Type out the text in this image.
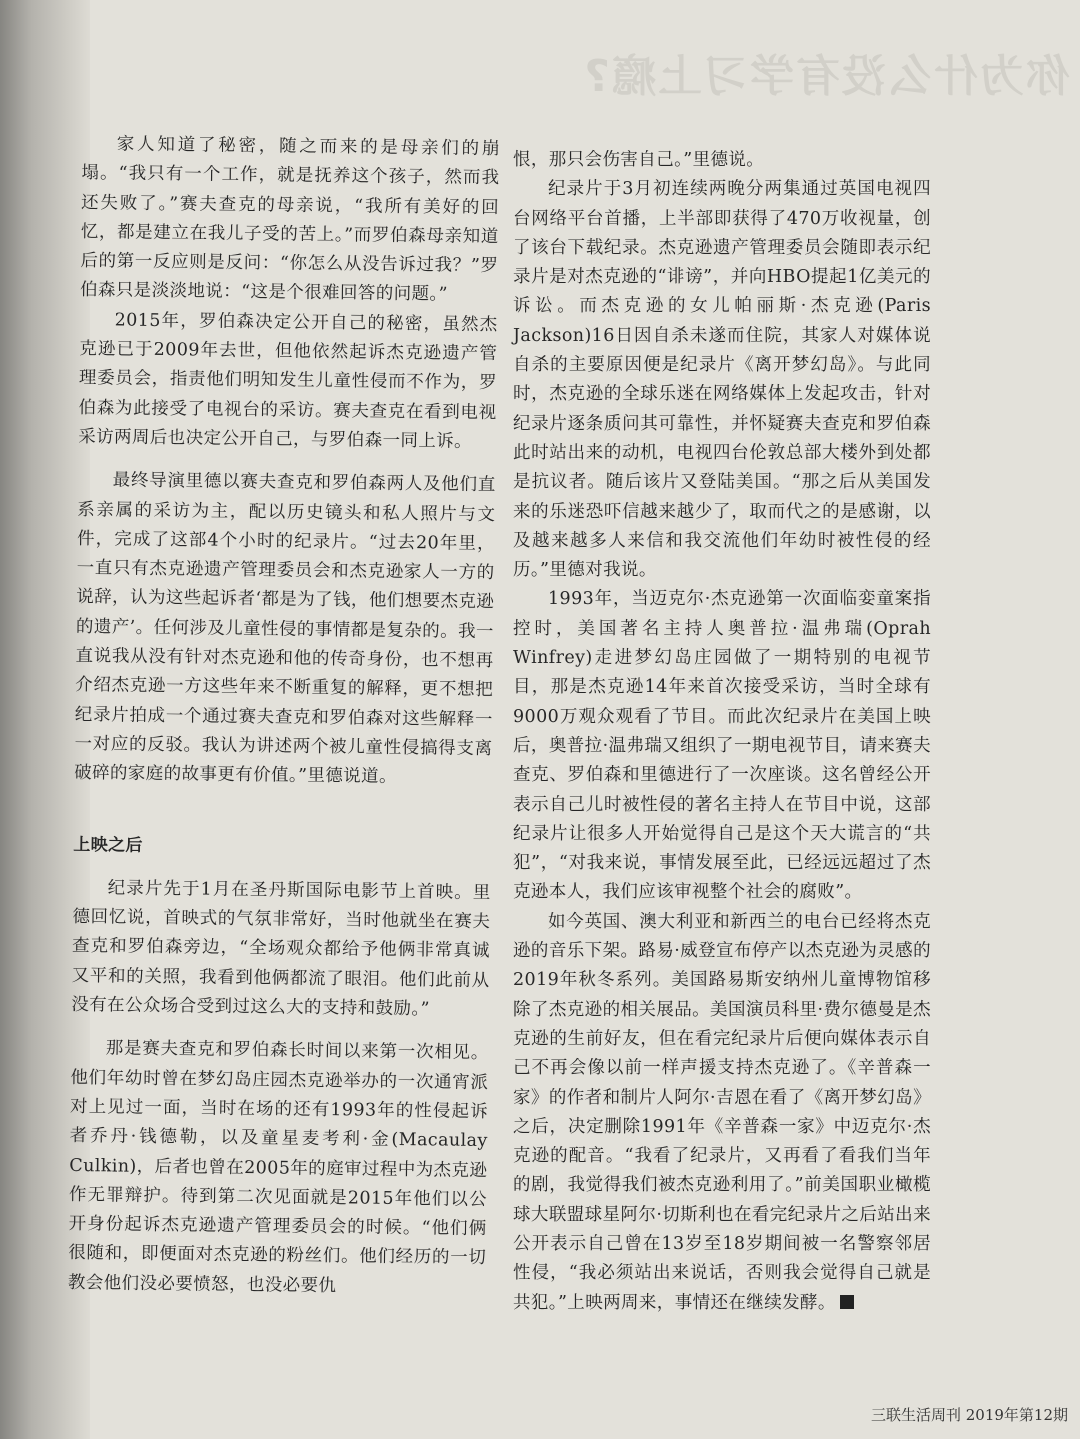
你为什么没有学习上瘾?

家人知道了秘密，随之而来的是母亲们的崩塌。“我只有一个工作，就是抚养这个孩子，然而我还失败了。”赛夫查克的母亲说，“我所有美好的回忆，都是建立在我儿子受的苦上。”而罗伯森母亲知道后的第一反应则是反问：“你怎么从没告诉过我？”罗伯森只是淡淡地说：“这是个很难回答的问题。”

2015年，罗伯森决定公开自己的秘密，虽然杰克逊已于2009年去世，但他依然起诉杰克逊遗产管理委员会，指责他们明知发生儿童性侵而不作为，罗伯森为此接受了电视台的采访。赛夫查克在看到电视采访两周后也决定公开自己，与罗伯森一同上诉。

最终导演里德以赛夫查克和罗伯森两人及他们直系亲属的采访为主，配以历史镜头和私人照片与文件，完成了这部4个小时的纪录片。“过去20年里，一直只有杰克逊遗产管理委员会和杰克逊家人一方的说辞，认为这些起诉者‘都是为了钱，他们想要杰克逊的遗产’。任何涉及儿童性侵的事情都是复杂的。我一直说我从没有针对杰克逊和他的传奇身份，也不想再介绍杰克逊一方这些年来不断重复的解释，更不想把纪录片拍成一个通过赛夫查克和罗伯森对这些解释一一对应的反驳。我认为讲述两个被儿童性侵搞得支离破碎的家庭的故事更有价值。”里德说道。

上映之后

纪录片先于1月在圣丹斯国际电影节上首映。里德回忆说，首映式的气氛非常好，当时他就坐在赛夫查克和罗伯森旁边，“全场观众都给予他俩非常真诚又平和的关照，我看到他俩都流了眼泪。他们此前从没有在公众场合受到过这么大的支持和鼓励。”

那是赛夫查克和罗伯森长时间以来第一次相见。他们年幼时曾在梦幻岛庄园杰克逊举办的一次通宵派对上见过一面，当时在场的还有1993年的性侵起诉者乔丹·钱德勒，以及童星麦考利·金(Macaulay Culkin)，后者也曾在2005年的庭审过程中为杰克逊作无罪辩护。待到第二次见面就是2015年他们以公开身份起诉杰克逊遗产管理委员会的时候。“他们俩很随和，即便面对杰克逊的粉丝们。他们经历的一切教会他们没必要愤怒，也没必要仇

恨，那只会伤害自己。”里德说。

纪录片于3月初连续两晚分两集通过英国电视四台网络平台首播，上半部即获得了470万收视量，创了该台下载纪录。杰克逊遗产管理委员会随即表示纪录片是对杰克逊的“诽谤”，并向HBO提起1亿美元的诉讼。而杰克逊的女儿帕丽斯·杰克逊(Paris Jackson)16日因自杀未遂而住院，其家人对媒体说自杀的主要原因便是纪录片《离开梦幻岛》。与此同时，杰克逊的全球乐迷在网络媒体上发起攻击，针对纪录片逐条质问其可靠性，并怀疑赛夫查克和罗伯森此时站出来的动机，电视四台伦敦总部大楼外到处都是抗议者。随后该片又登陆美国。“那之后从美国发来的乐迷恐吓信越来越少了，取而代之的是感谢，以及越来越多人来信和我交流他们年幼时被性侵的经历。”里德对我说。

1993年，当迈克尔·杰克逊第一次面临娈童案指控时，美国著名主持人奥普拉·温弗瑞(Oprah Winfrey)走进梦幻岛庄园做了一期特别的电视节目，那是杰克逊14年来首次接受采访，当时全球有9000万观众观看了节目。而此次纪录片在美国上映后，奥普拉·温弗瑞又组织了一期电视节目，请来赛夫查克、罗伯森和里德进行了一次座谈。这名曾经公开表示自己儿时被性侵的著名主持人在节目中说，这部纪录片让很多人开始觉得自己是这个天大谎言的“共犯”，“对我来说，事情发展至此，已经远远超过了杰克逊本人，我们应该审视整个社会的腐败”。

如今英国、澳大利亚和新西兰的电台已经将杰克逊的音乐下架。路易·威登宣布停产以杰克逊为灵感的2019年秋冬系列。美国路易斯安纳州儿童博物馆移除了杰克逊的相关展品。美国演员科里·费尔德曼是杰克逊的生前好友，但在看完纪录片后便向媒体表示自己不再会像以前一样声援支持杰克逊了。《辛普森一家》的作者和制片人阿尔·吉恩在看了《离开梦幻岛》之后，决定删除1991年《辛普森一家》中迈克尔·杰克逊的配音。“我看了纪录片，又再看了看我们当年的剧，我觉得我们被杰克逊利用了。”前美国职业橄榄球大联盟球星阿尔·切斯利也在看完纪录片之后站出来公开表示自己曾在13岁至18岁期间被一名警察邻居性侵，“我必须站出来说话，否则我会觉得自己就是共犯。”上映两周来，事情还在继续发酵。

三联生活周刊 2019年第12期
